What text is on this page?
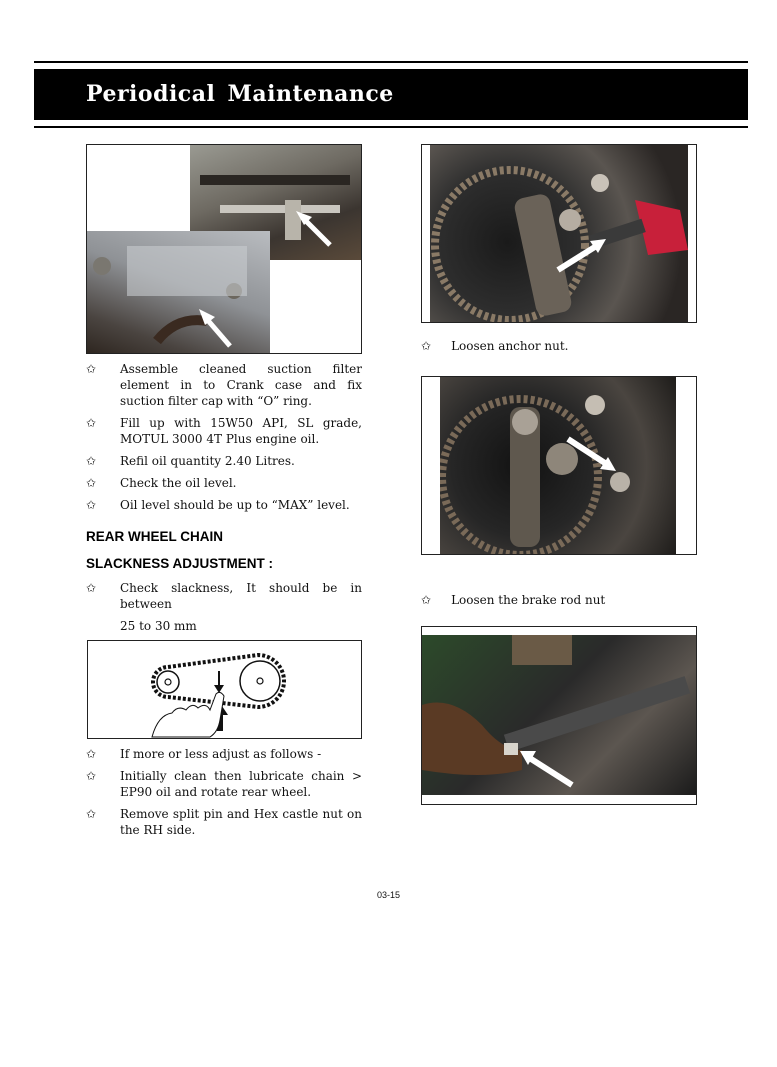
Periodical Maintenance
✩ Assemble cleaned suction filter element in to Crank case and fix suction filter cap with “O” ring.
✩ Fill up with 15W50 API, SL grade, MOTUL 3000 4T Plus engine oil.
✩ Refil oil quantity 2.40 Litres.
✩ Check the oil level.
✩ Oil level should be up to “MAX” level.
REAR WHEEL CHAIN
SLACKNESS ADJUSTMENT :
✩ Check slackness, It should be in between
25 to 30 mm
✩ If more or less adjust as follows -
✩ Initially clean then lubricate chain > EP90 oil and rotate rear wheel.
✩ Remove split pin and Hex castle nut on the RH side.
✩ Loosen anchor nut.
✩ Loosen the brake rod nut
03-15
